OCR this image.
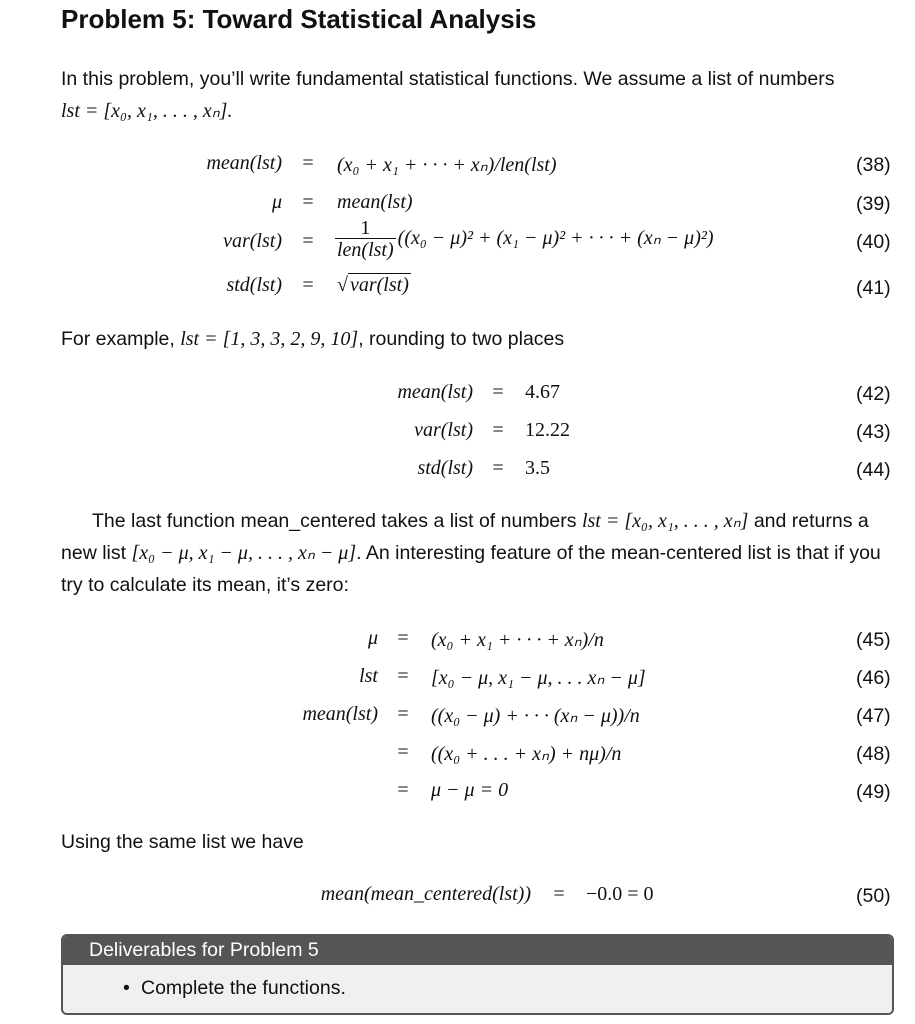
Problem 5: Toward Statistical Analysis
In this problem, you’ll write fundamental statistical functions. We assume a list of numbers
lst = [x₀, x₁, . . . , xₙ].
mean(lst) = (x₀ + x₁ + · · · + xₙ)/len(lst)	(38)
μ = mean(lst)	(39)
$var(lst) = \frac{1}{\text{len(lst)}} ((x_0 - \mu)^2 + (x_1 - \mu)^2$ + · · · + (xₙ − μ)²)	(40)
std(lst) = √ var(lst)	(41)
For example, lst = [1, 3, 3, 2, 9, 10], rounding to two places
mean(lst) = 4.67	(42)
var(lst) = 12.22	(43)
std(lst) = 3.5	(44)
The last function mean_centered takes a list of numbers lst = [x₀, x₁, . . . , xₙ] and returns a
new list [x₀ − μ, x₁ − μ, . . . , xₙ − μ]. An interesting feature of the mean-centered list is that if you
try to calculate its mean, it’s zero:
μ = (x₀ + x₁ + · · · + xₙ)/n	(45)
lst = [x₀ − μ, x₁ − μ, . . . xₙ − μ]	(46)
mean(lst) = ((x₀ − μ) + · · · (xₙ − μ))/n	(47)
= ((x₀ + . . . + xₙ) + nμ)/n	(48)
= μ − μ = 0	(49)
Using the same list we have
mean(mean_centered(lst)) = −0.0 = 0	(50)
Deliverables for Problem 5
• Complete the functions.
